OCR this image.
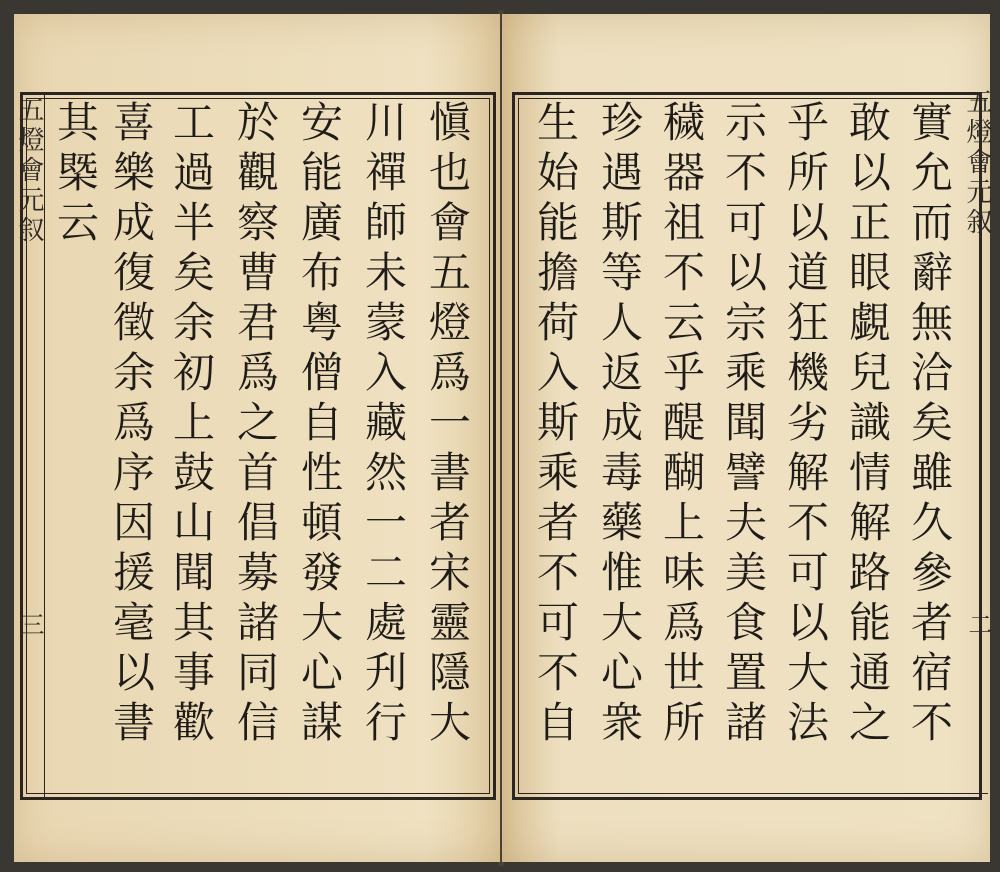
五燈會元叙
三
五燈會元叙
二
愼也會五燈爲一書者宋靈隱大
川禪師未蒙入藏然一二處刋行
安能廣布粤僧自性頓發大心謀
於觀察曹君爲之首倡募諸同信
工過半矣余初上鼓山聞其事歡
喜樂成復徵余爲序因援毫以書
其槩云	實允而辭無洽矣雖久參者宿不
敢以正眼覷兒識情解路能通之
乎所以道狂機劣解不可以大法
示不可以宗乘聞譬夫美食置諸
穢器祖不云乎醍醐上味爲世所
珍遇斯等人返成毒藥惟大心衆
生始能擔荷入斯乘者不可不自
